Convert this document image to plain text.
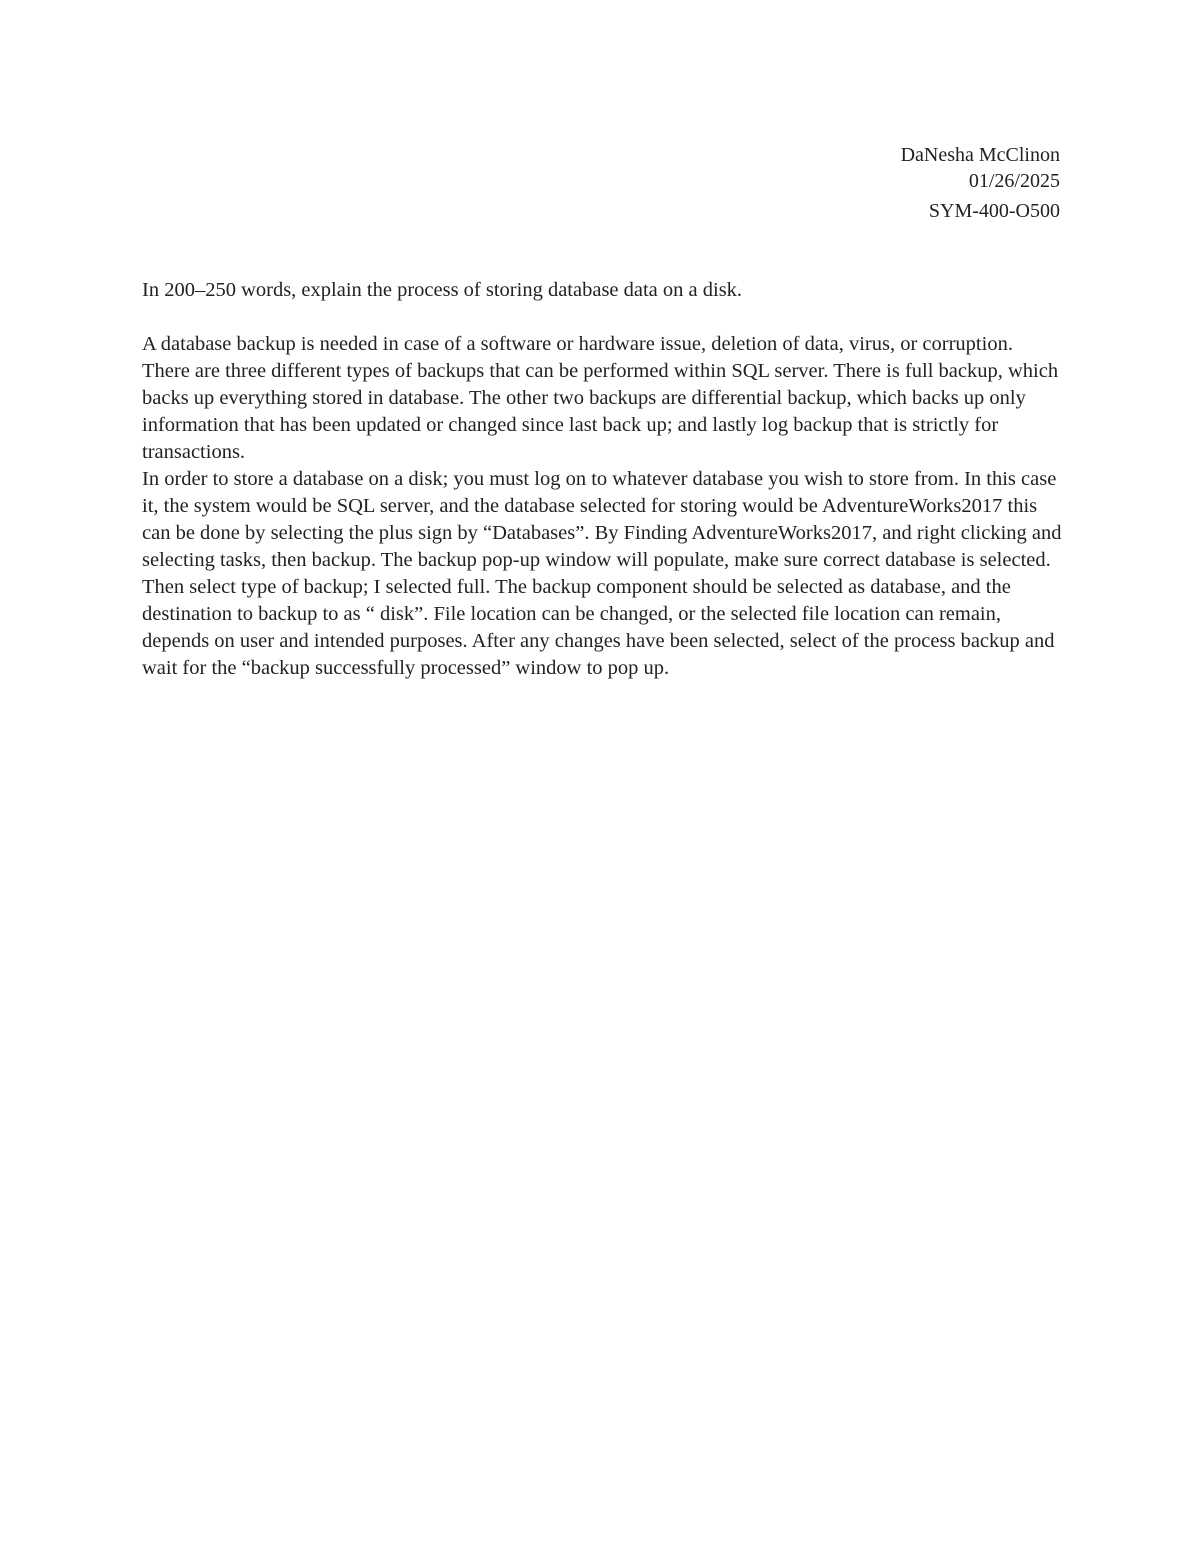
DaNesha McClinon
01/26/2025
SYM-400-O500

In 200–250 words, explain the process of storing database data on a disk.

A database backup is needed in case of a software or hardware issue, deletion of data, virus, or corruption. There are three different types of backups that can be performed within SQL server. There is full backup, which backs up everything stored in database. The other two backups are differential backup, which backs up only information that has been updated or changed since last back up; and lastly log backup that is strictly for transactions.

In order to store a database on a disk; you must log on to whatever database you wish to store from. In this case it, the system would be SQL server, and the database selected for storing would be AdventureWorks2017 this can be done by selecting the plus sign by “Databases”. By Finding AdventureWorks2017, and right clicking and selecting tasks, then backup. The backup pop-up window will populate, make sure correct database is selected. Then select type of backup; I selected full. The backup component should be selected as database, and the destination to backup to as “ disk”. File location can be changed, or the selected file location can remain, depends on user and intended purposes. After any changes have been selected, select of the process backup and wait for the “backup successfully processed” window to pop up.
